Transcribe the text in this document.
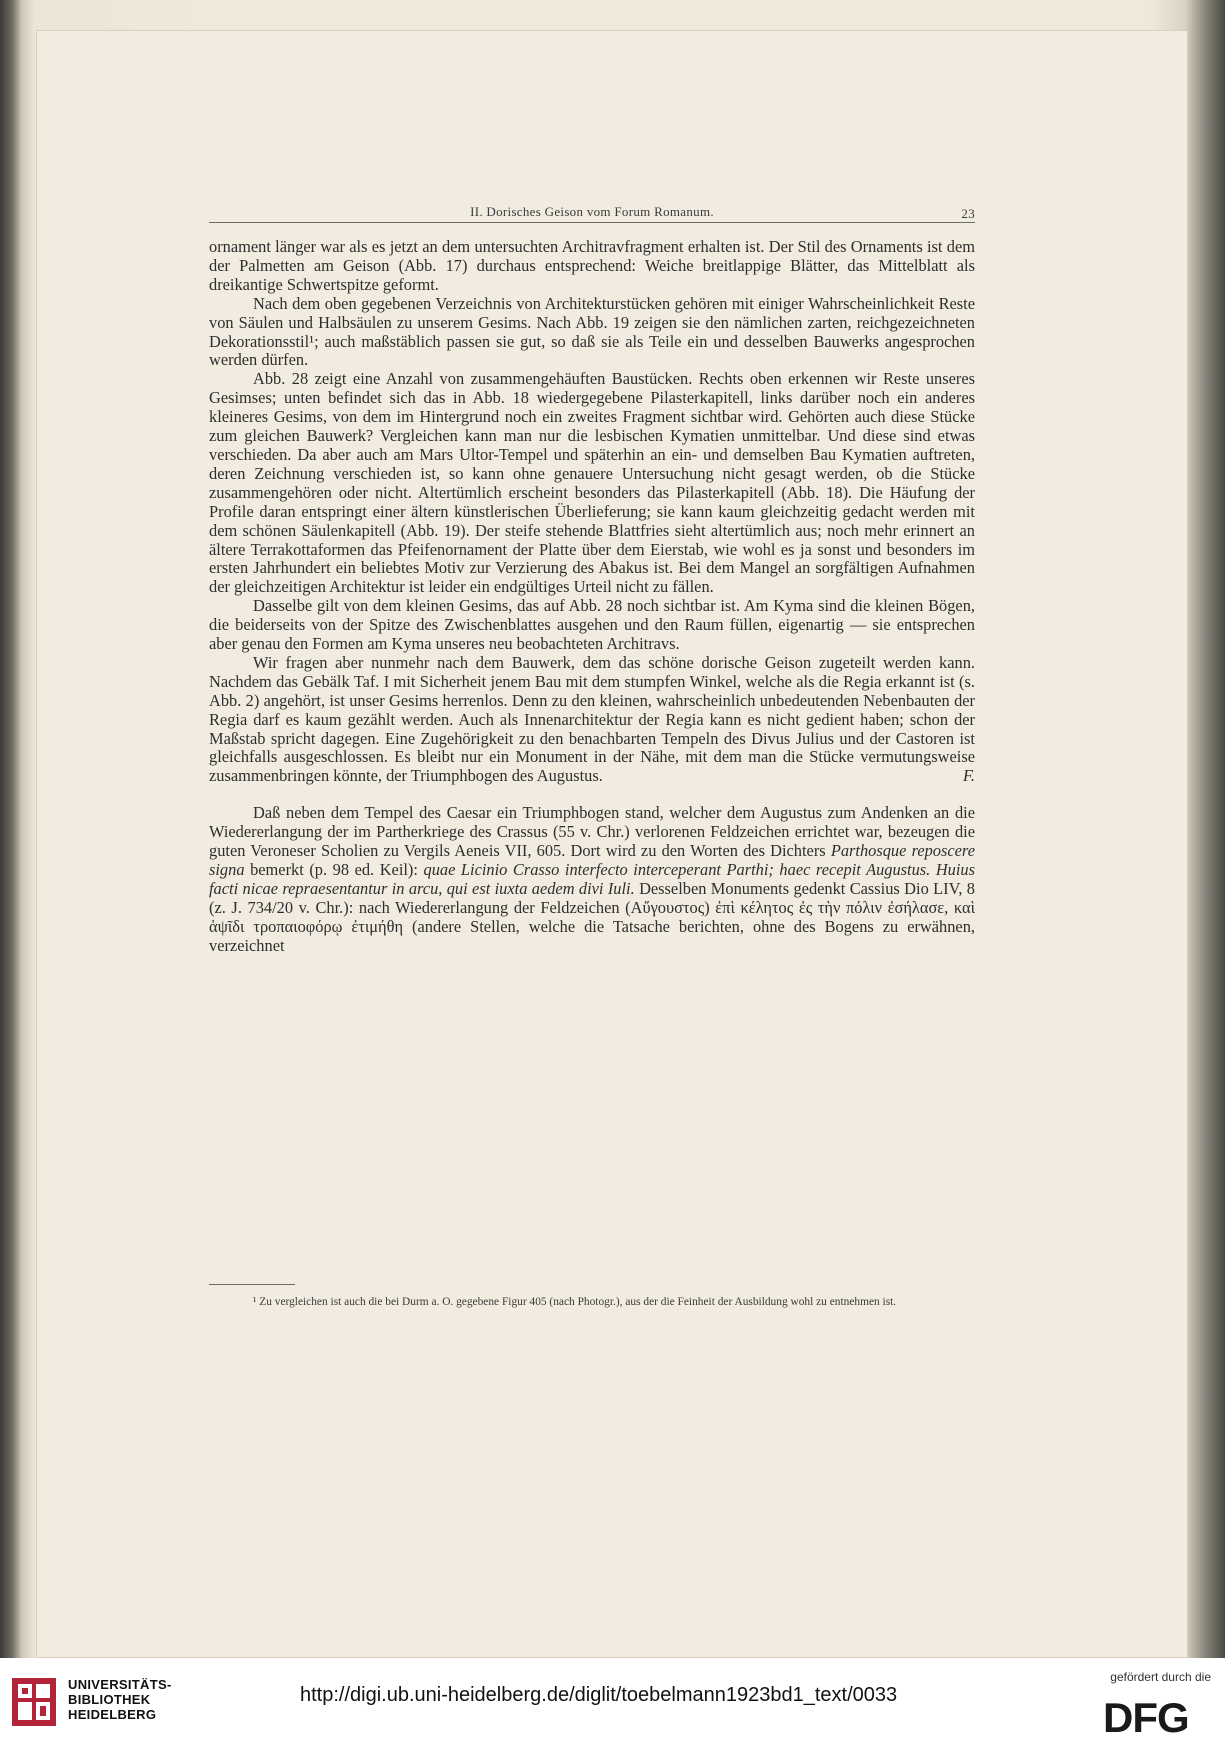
II. Dorisches Geison vom Forum Romanum.	23

ornament länger war als es jetzt an dem untersuchten Architravfragment erhalten ist. Der Stil des Ornaments ist dem der Palmetten am Geison (Abb. 17) durchaus entsprechend: Weiche breitlappige Blätter, das Mittelblatt als dreikantige Schwertspitze geformt.

Nach dem oben gegebenen Verzeichnis von Architekturstücken gehören mit einiger Wahrscheinlichkeit Reste von Säulen und Halbsäulen zu unserem Gesims. Nach Abb. 19 zeigen sie den nämlichen zarten, reichgezeichneten Dekorationsstil¹; auch maßstäblich passen sie gut, so daß sie als Teile ein und desselben Bauwerks angesprochen werden dürfen.

Abb. 28 zeigt eine Anzahl von zusammengehäuften Baustücken. Rechts oben erkennen wir Reste unseres Gesimses; unten befindet sich das in Abb. 18 wiedergegebene Pilasterkapitell, links darüber noch ein anderes kleineres Gesims, von dem im Hintergrund noch ein zweites Fragment sichtbar wird. Gehörten auch diese Stücke zum gleichen Bauwerk? Vergleichen kann man nur die lesbischen Kymatien unmittelbar. Und diese sind etwas verschieden. Da aber auch am Mars Ultor-Tempel und späterhin an ein- und demselben Bau Kymatien auftreten, deren Zeichnung verschieden ist, so kann ohne genauere Untersuchung nicht gesagt werden, ob die Stücke zusammengehören oder nicht. Altertümlich erscheint besonders das Pilasterkapitell (Abb. 18). Die Häufung der Profile daran entspringt einer ältern künstlerischen Überlieferung; sie kann kaum gleichzeitig gedacht werden mit dem schönen Säulenkapitell (Abb. 19). Der steife stehende Blattfries sieht altertümlich aus; noch mehr erinnert an ältere Terrakottaformen das Pfeifenornament der Platte über dem Eierstab, wie wohl es ja sonst und besonders im ersten Jahrhundert ein beliebtes Motiv zur Verzierung des Abakus ist. Bei dem Mangel an sorgfältigen Aufnahmen der gleichzeitigen Architektur ist leider ein endgültiges Urteil nicht zu fällen.

Dasselbe gilt von dem kleinen Gesims, das auf Abb. 28 noch sichtbar ist. Am Kyma sind die kleinen Bögen, die beiderseits von der Spitze des Zwischenblattes ausgehen und den Raum füllen, eigenartig — sie entsprechen aber genau den Formen am Kyma unseres neu beobachteten Architravs.

Wir fragen aber nunmehr nach dem Bauwerk, dem das schöne dorische Geison zugeteilt werden kann. Nachdem das Gebälk Taf. I mit Sicherheit jenem Bau mit dem stumpfen Winkel, welche als die Regia erkannt ist (s. Abb. 2) angehört, ist unser Gesims herrenlos. Denn zu den kleinen, wahrscheinlich unbedeutenden Nebenbauten der Regia darf es kaum gezählt werden. Auch als Innenarchitektur der Regia kann es nicht gedient haben; schon der Maßstab spricht dagegen. Eine Zugehörigkeit zu den benachbarten Tempeln des Divus Julius und der Castoren ist gleichfalls ausgeschlossen. Es bleibt nur ein Monument in der Nähe, mit dem man die Stücke vermutungsweise zusammenbringen könnte, der Triumphbogen des Augustus.	F.

Daß neben dem Tempel des Caesar ein Triumphbogen stand, welcher dem Augustus zum Andenken an die Wiedererlangung der im Partherkriege des Crassus (55 v. Chr.) verlorenen Feldzeichen errichtet war, bezeugen die guten Veroneser Scholien zu Vergils Aeneis VII, 605. Dort wird zu den Worten des Dichters Parthosque reposcere signa bemerkt (p. 98 ed. Keil): quae Licinio Crasso interfecto interceperant Parthi; haec recepit Augustus. Huius facti nicae repraesentantur in arcu, qui est iuxta aedem divi Iuli. Desselben Monuments gedenkt Cassius Dio LIV, 8 (z. J. 734/20 v. Chr.): nach Wiedererlangung der Feldzeichen (Αὔγουστος) ἐπὶ κέλητος ἐς τὴν πόλιν ἐσήλασε, καὶ ἁψῖδι τροπαιοφόρῳ ἐτιμήθη (andere Stellen, welche die Tatsache berichten, ohne des Bogens zu erwähnen, verzeichnet

¹ Zu vergleichen ist auch die bei Durm a. O. gegebene Figur 405 (nach Photogr.), aus der die Feinheit der Ausbildung wohl zu entnehmen ist.
UNIVERSITÄTS-
BIBLIOTHEK
HEIDELBERG
http://digi.ub.uni-heidelberg.de/diglit/toebelmann1923bd1_text/0033
gefördert durch die
DFG
